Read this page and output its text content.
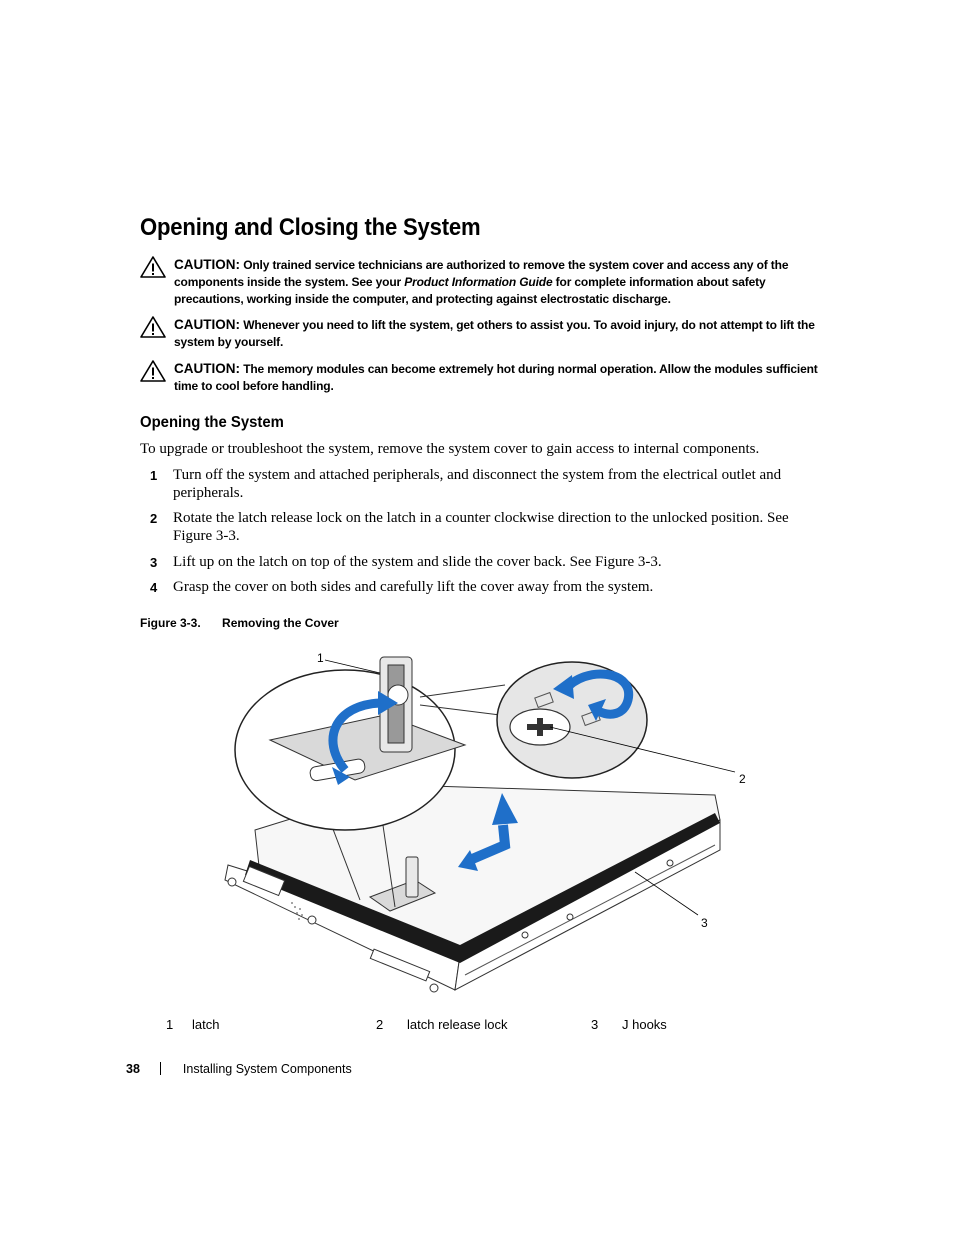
Opening and Closing the System
CAUTION: Only trained service technicians are authorized to remove the system cover and access any of the components inside the system. See your Product Information Guide for complete information about safety precautions, working inside the computer, and protecting against electrostatic discharge.
CAUTION: Whenever you need to lift the system, get others to assist you. To avoid injury, do not attempt to lift the system by yourself.
CAUTION: The memory modules can become extremely hot during normal operation. Allow the modules sufficient time to cool before handling.
Opening the System
To upgrade or troubleshoot the system, remove the system cover to gain access to internal components.
1 Turn off the system and attached peripherals, and disconnect the system from the electrical outlet and peripherals.
2 Rotate the latch release lock on the latch in a counter clockwise direction to the unlocked position. See Figure 3-3.
3 Lift up on the latch on top of the system and slide the cover back. See Figure 3-3.
4 Grasp the cover on both sides and carefully lift the cover away from the system.
Figure 3-3. Removing the Cover
1
2
3
1 latch	2 latch release lock	3 J hooks
38	Installing System Components
